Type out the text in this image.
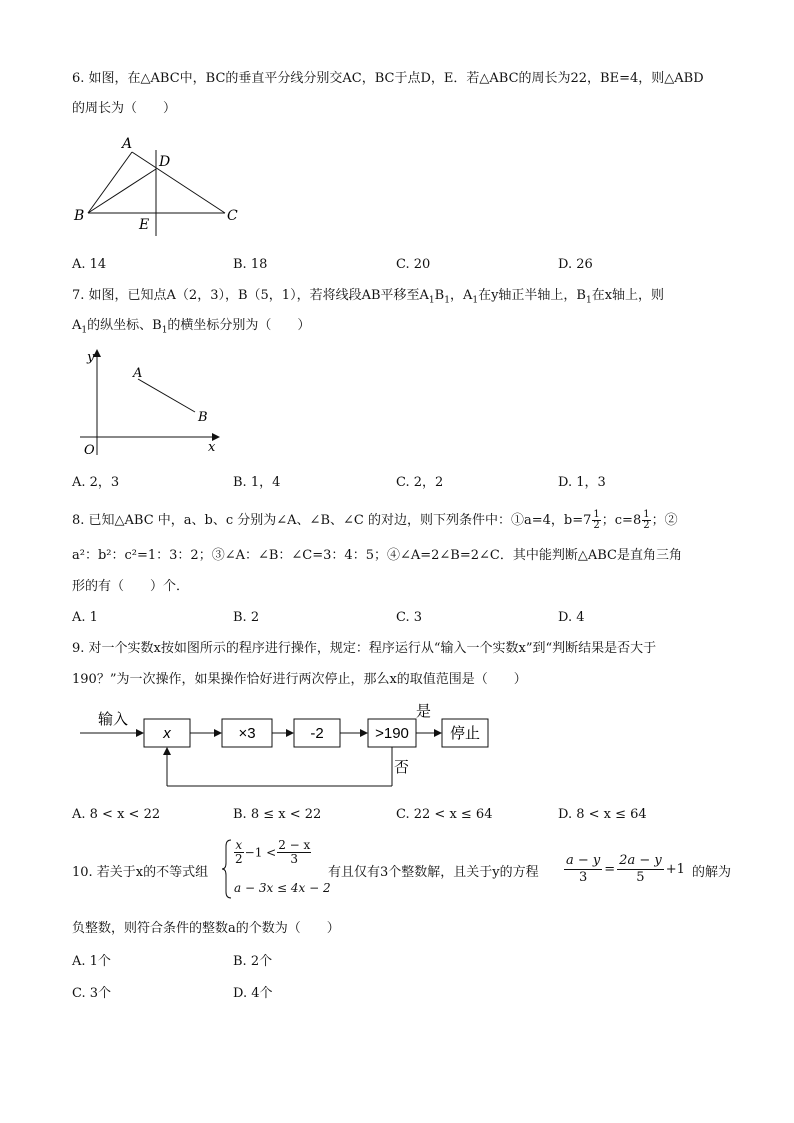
6. 如图，在△ABC中，BC的垂直平分线分别交AC，BC于点D，E．若△ABC的周长为22，BE=4，则△ABD
的周长为（　　）
A
D
B	C
E
A. 14	B. 18	C. 20	D. 26
7. 如图，已知点A（2，3），B（5，1），若将线段AB平移至$A_1B_1$，$A_1$在y轴正半轴上，$B_1$在x轴上，则
$A_1$的纵坐标、$B_1$的横坐标分别为（　　）
y
x
O
A
B
A. 2，3	B. 1，4	C. 2，2	D. 1，3
8. 已知△ABC 中，a、b、c 分别为∠A、∠B、∠C 的对边，则下列条件中：①a=4，$b=7 \frac{1}{2}$ ；$c=8 \frac{1}{2}$ ；②
a²：b²：c²=1：3：2；③∠A：∠B：∠C=3：4：5；④∠A=2∠B=2∠C．其中能判断△ABC是直角三角
形的有（　　）个．
A. 1	B. 2	C. 3	D. 4
9. 对一个实数x按如图所示的程序进行操作，规定：程序运行从“输入一个实数x”到“判断结果是否大于
190？”为一次操作，如果操作恰好进行两次停止，那么x的取值范围是（　　）
输入
x	×3	-2	>190
是
停止
否
A. 8 < x < 22	B. 8 ≤ x < 22	C. 22 < x ≤ 64	D. 8 < x ≤ 64
10. 若关于x的不等式组
$\frac{x}{2} -1 < \frac{2 - x}{3}$
a − 3x ≤ 4x − 2
有且仅有3个整数解，且关于y的方程 $\frac{a - y}{3} = \frac{2a - y}{5} +1$ 的解为
负整数，则符合条件的整数a的个数为（　　）
A. 1个	B. 2个
C. 3个	D. 4个
